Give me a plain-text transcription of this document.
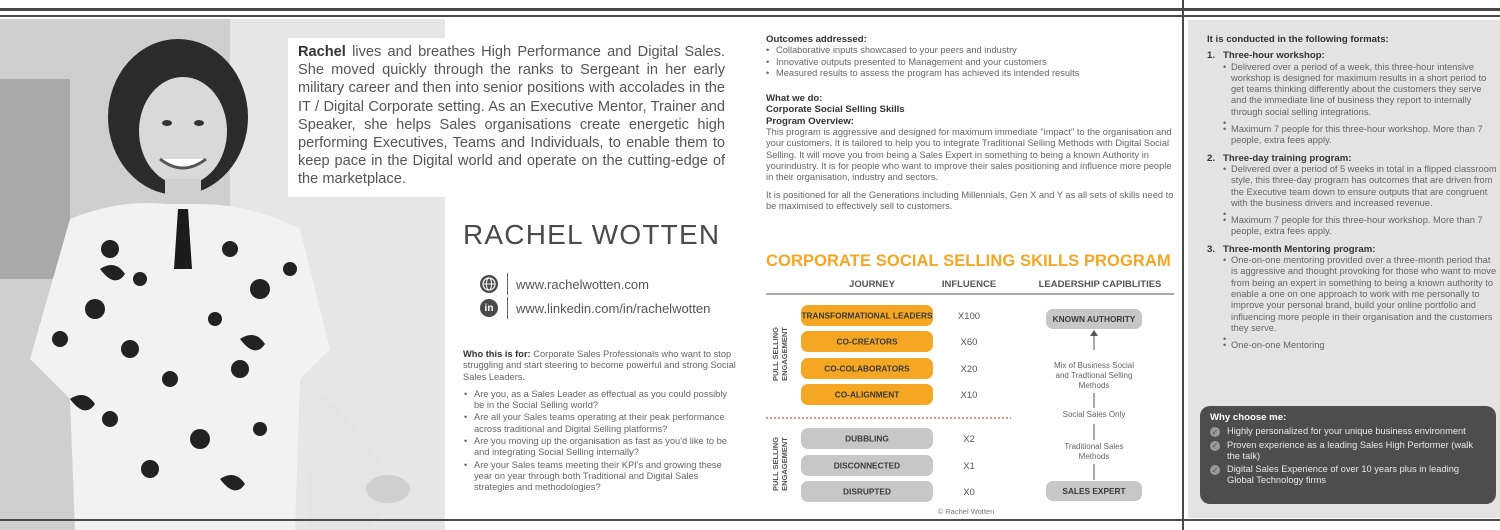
Rachel lives and breathes High Performance and Digital Sales. She moved quickly through the ranks to Sergeant in her early military career and then into senior positions with accolades in the IT / Digital Corporate setting. As an Executive Mentor, Trainer and Speaker, she helps Sales organisations create energetic high performing Executives, Teams and Individuals, to enable them to keep pace in the Digital world and operate on the cutting-edge of the marketplace.
RACHEL WOTTEN
www.rachelwotten.com
in	www.linkedin.com/in/rachelwotten
Who this is for: Corporate Sales Professionals who want to stop struggling and start steering to become powerful and strong Social Sales Leaders.
• Are you, as a Sales Leader as effectual as you could possibly be in the Social Selling world?
• Are all your Sales teams operating at their peak performance across traditional and Digital Selling platforms?
• Are you moving up the organisation as fast as you'd like to be and integrating Social Selling internally?
• Are your Sales teams meeting their KPI's and growing these year on year through both Traditional and Digital Sales strategies and methodologies?
Outcomes addressed:
• Collaborative inputs showcased to your peers and industry
• Innovative outputs presented to Management and your customers
• Measured results to assess the program has achieved its intended results
What we do:
Corporate Social Selling Skills
Program Overview:

This program is aggressive and designed for maximum immediate "impact" to the organisation and your customers. It is tailored to help you to integrate Traditional Selling Methods with Digital Social Selling. It will move you from being a Sales Expert in something to being a known Authority in yourindustry. It is for people who want to improve their sales positioning and influence more people in their organisation, industry and sectors.

It is positioned for all the Generations including Millennials, Gen X and Y as all sets of skills need to be maximised to effectively sell to customers.

CORPORATE SOCIAL SELLING SKILLS PROGRAM
JOURNEY	INFLUENCE	LEADERSHIP CAPIBLITIES
PULL SELLING ENGAGEMENT
PULL SELLING ENGAGEMENT
TRANSFORMATIONAL LEADERS	X100
CO-CREATORS	X60
CO-COLABORATORS	X20
CO-ALIGNMENT	X10
DUBBLING	X2
DISCONNECTED	X1
DISRUPTED	X0
KNOWN AUTHORITY
Mix of Business Social
and Tradtional Selling
Methods
Social Sales Only
Traditional Sales
Methods
SALES EXPERT
© Rachel Wotten
It is conducted in the following formats:
1. Three-hour workshop:
• Delivered over a period of a week, this three-hour intensive workshop is designed for maximum results in a short period to get teams thinking differently about the customers they serve and the immediate line of business they report to internally through social selling integrations.
•
• Maximum 7 people for this three-hour workshop. More than 7 people, extra fees apply.
2. Three-day training program:
• Delivered over a period of 5 weeks in total in a flipped classroom style, this three-day program has outcomes that are driven from the Executive team down to ensure outputs that are congruent with the business drivers and increased revenue.
•
• Maximum 7 people for this three-hour workshop. More than 7 people, extra fees apply.
3. Three-month Mentoring program:
• One-on-one mentoring provided over a three-month period that is aggressive and thought provoking for those who want to move from being an expert in something to being a known authority to enable a one on one approach to work with me personally to improve your personal brand, build your online portfolio and influencing more people in their organisation and the customers they serve.
•
• One-on-one Mentoring
Why choose me:
✓ Highly personalized for your unique business environment
✓ Proven experience as a leading Sales High Performer (walk the talk)
✓ Digital Sales Experience of over 10 years plus in leading Global Technology firms
